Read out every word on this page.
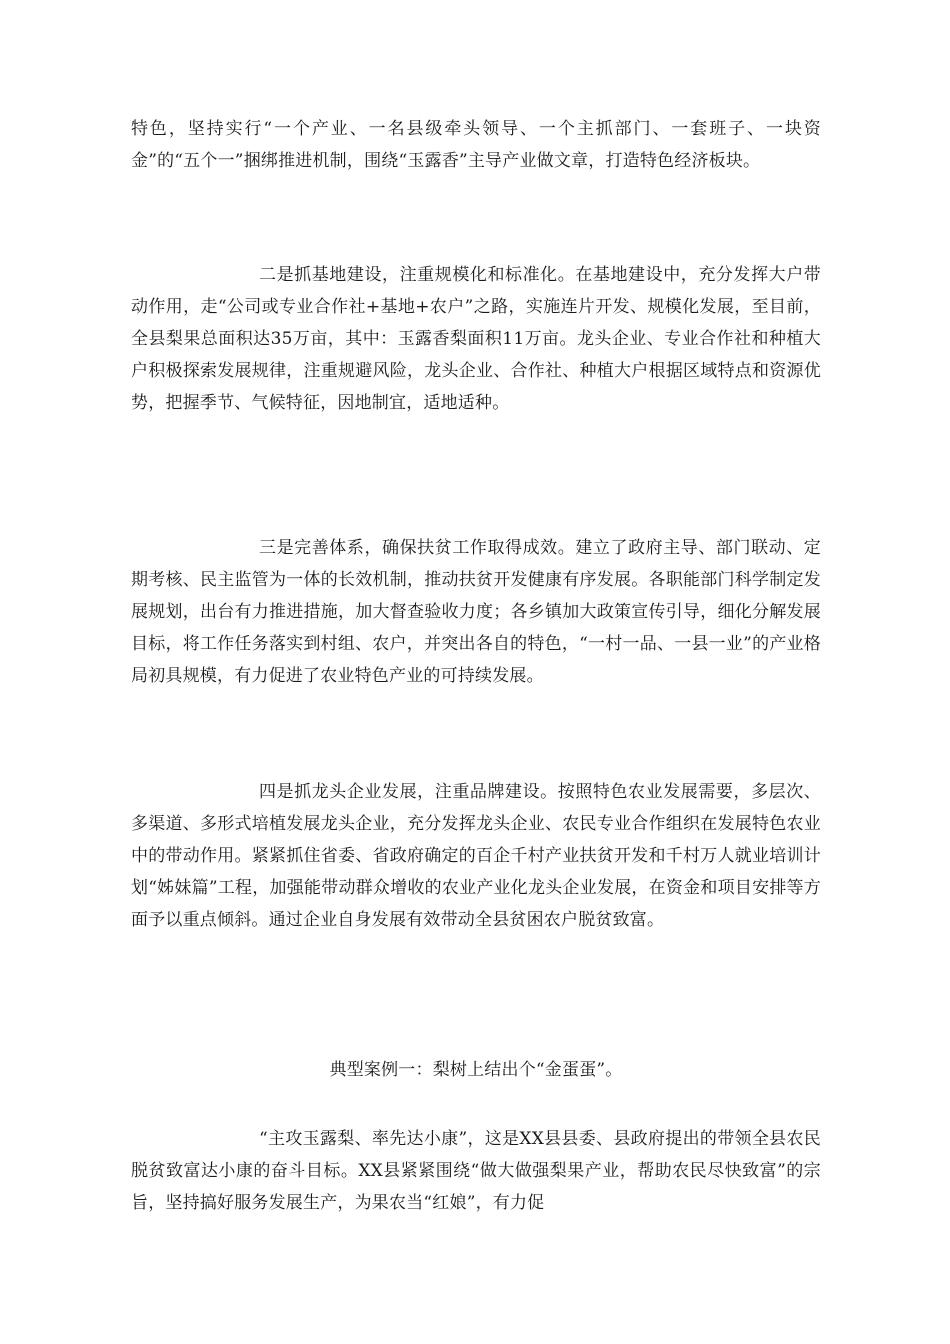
特色，坚持实行“一个产业、一名县级牵头领导、一个主抓部门、一套班子、一块资金”的“五个一”捆绑推进机制，围绕“玉露香”主导产业做文章，打造特色经济板块。

二是抓基地建设，注重规模化和标准化。在基地建设中，充分发挥大户带动作用，走“公司或专业合作社+基地+农户”之路，实施连片开发、规模化发展，至目前，全县梨果总面积达35万亩，其中：玉露香梨面积11万亩。龙头企业、专业合作社和种植大户积极探索发展规律，注重规避风险，龙头企业、合作社、种植大户根据区域特点和资源优势，把握季节、气候特征，因地制宜，适地适种。

三是完善体系，确保扶贫工作取得成效。建立了政府主导、部门联动、定期考核、民主监管为一体的长效机制，推动扶贫开发健康有序发展。各职能部门科学制定发展规划，出台有力推进措施，加大督查验收力度；各乡镇加大政策宣传引导，细化分解发展目标，将工作任务落实到村组、农户，并突出各自的特色，“一村一品、一县一业”的产业格局初具规模，有力促进了农业特色产业的可持续发展。

四是抓龙头企业发展，注重品牌建设。按照特色农业发展需要，多层次、多渠道、多形式培植发展龙头企业，充分发挥龙头企业、农民专业合作组织在发展特色农业中的带动作用。紧紧抓住省委、省政府确定的百企千村产业扶贫开发和千村万人就业培训计划“姊妹篇”工程，加强能带动群众增收的农业产业化龙头企业发展，在资金和项目安排等方面予以重点倾斜。通过企业自身发展有效带动全县贫困农户脱贫致富。

典型案例一：梨树上结出个“金蛋蛋”。

“主攻玉露梨、率先达小康”，这是XX县县委、县政府提出的带领全县农民脱贫致富达小康的奋斗目标。XX县紧紧围绕“做大做强梨果产业，帮助农民尽快致富”的宗旨，坚持搞好服务发展生产，为果农当“红娘”，有力促
